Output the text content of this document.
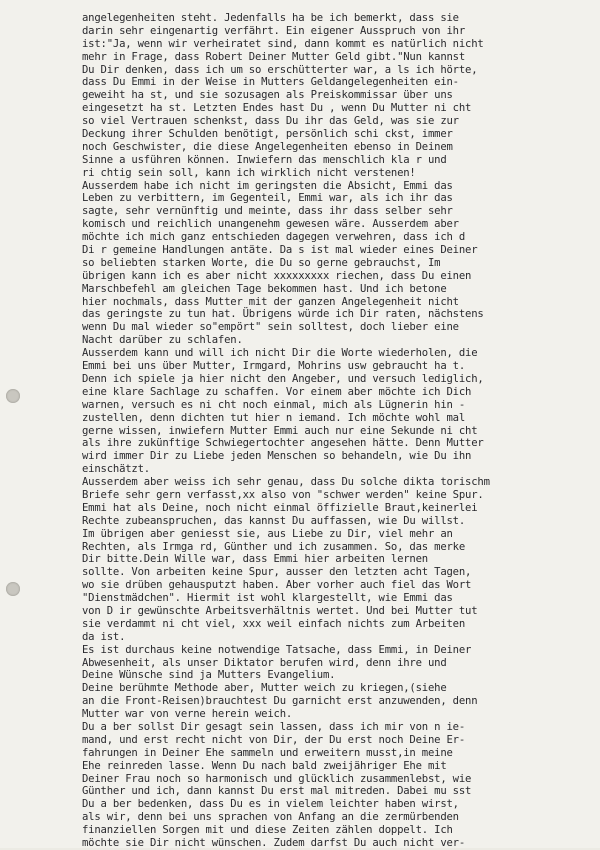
angelegenheiten steht. Jedenfalls ha be ich bemerkt, dass sie
darin sehr eingenartig verfährt. Ein eigener Ausspruch von ihr
ist:"Ja, wenn wir verheiratet sind, dann kommt es natürlich nicht
mehr in Frage, dass Robert Deiner Mutter Geld gibt."Nun kannst
Du Dir denken, dass ich um so erschütterter war, a ls ich hörte,
dass Du Emmi in der Weise in Mutters Geldangelegenheiten ein-
geweiht ha st, und sie sozusagen als Preiskommissar über uns
eingesetzt ha st. Letzten Endes hast Du , wenn Du Mutter ni cht
so viel Vertrauen schenkst, dass Du ihr das Geld, was sie zur
Deckung ihrer Schulden benötigt, persönlich schi ckst, immer
noch Geschwister, die diese Angelegenheiten ebenso in Deinem
Sinne a usführen können. Inwiefern das menschlich kla r und
ri chtig sein soll, kann ich wirklich nicht verstenen!
Ausserdem habe ich nicht im geringsten die Absicht, Emmi das
Leben zu verbittern, im Gegenteil, Emmi war, als ich ihr das
sagte, sehr vernünftig und meinte, dass ihr dass selber sehr
komisch und reichlich unangenehm gewesen wäre. Ausserdem aber
möchte ich mich ganz entschieden dagegen verwehren, dass ich d
Di r gemeine Handlungen antäte. Da s ist mal wieder eines Deiner
so beliebten starken Worte, die Du so gerne gebrauchst, Im
übrigen kann ich es aber nicht xxxxxxxxx riechen, dass Du einen
Marschbefehl am gleichen Tage bekommen hast. Und ich betone
hier nochmals, dass Mutter mit der ganzen Angelegenheit nicht
das geringste zu tun hat. Übrigens würde ich Dir raten, nächstens
wenn Du mal wieder so"empört" sein solltest, doch lieber eine
Nacht darüber zu schlafen.
Ausserdem kann und will ich nicht Dir die Worte wiederholen, die
Emmi bei uns über Mutter, Irmgard, Mohrins usw gebraucht ha t.
Denn ich spiele ja hier nicht den Angeber, und versuch lediglich,
eine klare Sachlage zu schaffen. Vor einem aber möchte ich Dich
warnen, versuch es ni cht noch einmal, mich als Lügnerin hin -
zustellen, denn dichten tut hier n iemand. Ich möchte wohl mal
gerne wissen, inwiefern Mutter Emmi auch nur eine Sekunde ni cht
als ihre zukünftige Schwiegertochter angesehen hätte. Denn Mutter
wird immer Dir zu Liebe jeden Menschen so behandeln, wie Du ihn
einschätzt.
Ausserdem aber weiss ich sehr genau, dass Du solche dikta torischm
Briefe sehr gern verfasst,xx also von "schwer werden" keine Spur.
Emmi hat als Deine, noch nicht einmal öffizielle Braut,keinerlei
Rechte zubeanspruchen, das kannst Du auffassen, wie Du willst.
Im übrigen aber geniesst sie, aus Liebe zu Dir, viel mehr an
Rechten, als Irmga rd, Günther und ich zusammen. So, das merke
Dir bitte.Dein Wille war, dass Emmi hier arbeiten lernen
sollte. Von arbeiten keine Spur, ausser den letzten acht Tagen,
wo sie drüben gehausputzt haben. Aber vorher auch fiel das Wort
"Dienstmädchen". Hiermit ist wohl klargestellt, wie Emmi das
von D ir gewünschte Arbeitsverhältnis wertet. Und bei Mutter tut
sie verdammt ni cht viel, xxx weil einfach nichts zum Arbeiten
da ist.
Es ist durchaus keine notwendige Tatsache, dass Emmi, in Deiner
Abwesenheit, als unser Diktator berufen wird, denn ihre und
Deine Wünsche sind ja Mutters Evangelium.
Deine berühmte Methode aber, Mutter weich zu kriegen,(siehe
an die Front-Reisen)brauchtest Du garnicht erst anzuwenden, denn
Mutter war von verne herein weich.
Du a ber sollst Dir gesagt sein lassen, dass ich mir von n ie-
mand, und erst recht nicht von Dir, der Du erst noch Deine Er-
fahrungen in Deiner Ehe sammeln und erweitern musst,in meine
Ehe reinreden lasse. Wenn Du nach bald zweijähriger Ehe mit
Deiner Frau noch so harmonisch und glücklich zusammenlebst, wie
Günther und ich, dann kannst Du erst mal mitreden. Dabei mu sst
Du a ber bedenken, dass Du es in vielem leichter haben wirst,
als wir, denn bei uns sprachen von Anfang an die zermürbenden
finanziellen Sorgen mit und diese Zeiten zählen doppelt. Ich
möchte sie Dir nicht wünschen. Zudem darfst Du auch nicht ver-
